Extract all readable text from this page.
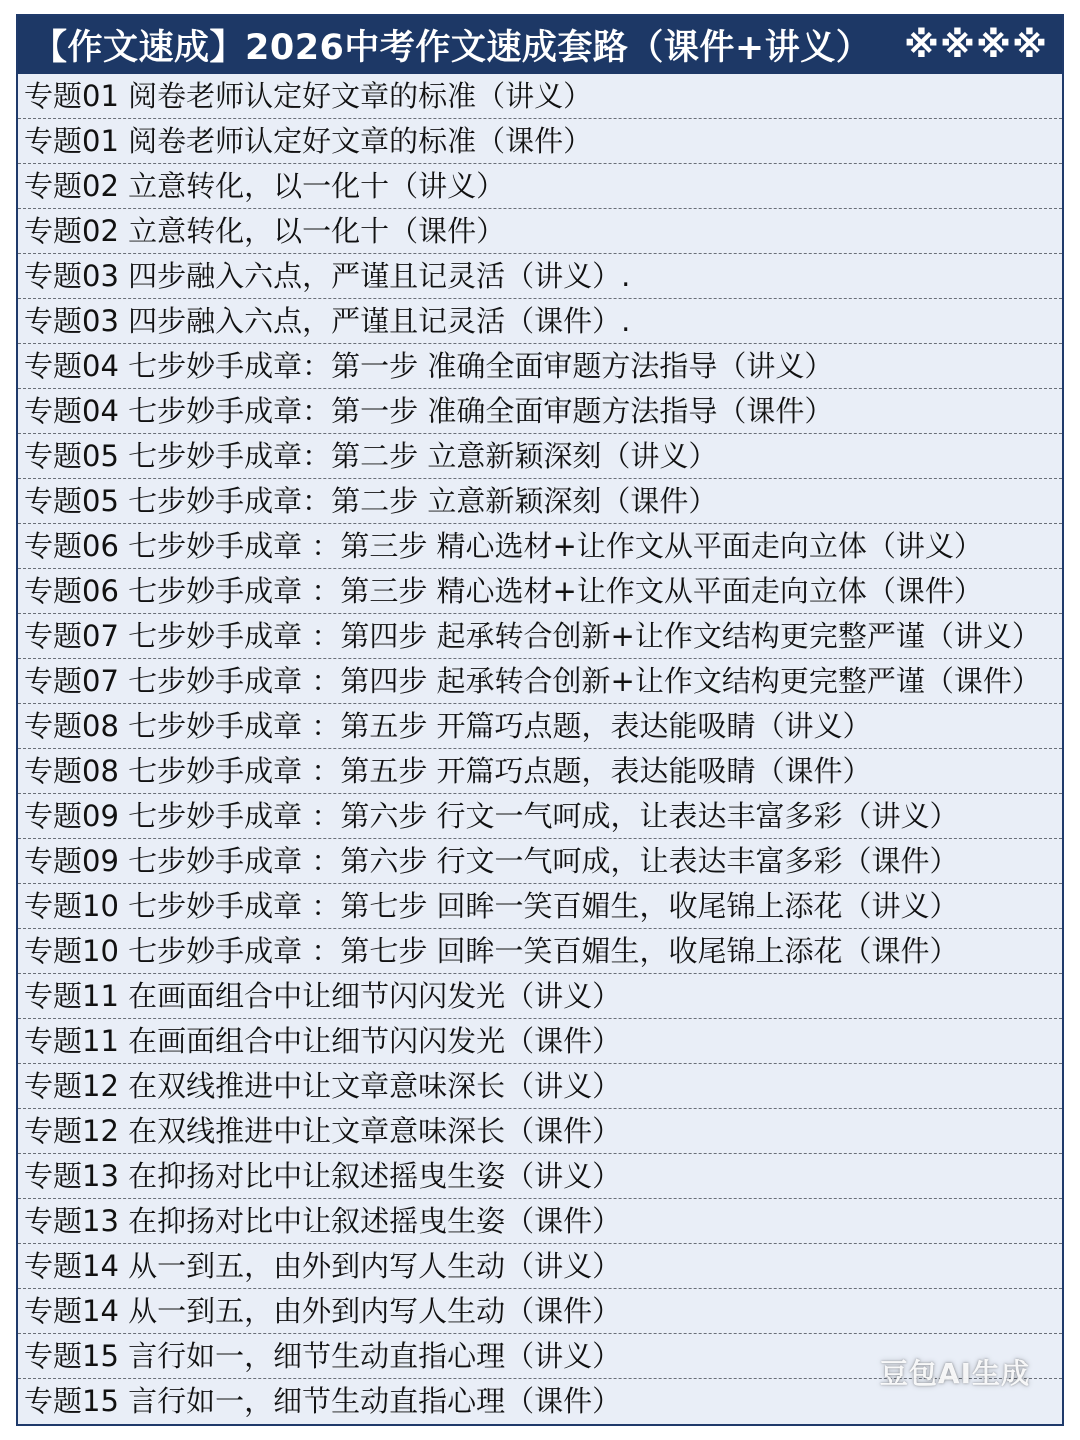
【作文速成】2026中考作文速成套路（课件+讲义） ※※※※
专题01 阅卷老师认定好文章的标准（讲义）
专题01 阅卷老师认定好文章的标准（课件）
专题02 立意转化，以一化十（讲义）
专题02 立意转化，以一化十（课件）
专题03 四步融入六点，严谨且记灵活（讲义）.
专题03 四步融入六点，严谨且记灵活（课件）.
专题04 七步妙手成章：第一步 准确全面审题方法指导（讲义）
专题04 七步妙手成章：第一步 准确全面审题方法指导（课件）
专题05 七步妙手成章：第二步 立意新颖深刻（讲义）
专题05 七步妙手成章：第二步 立意新颖深刻（课件）
专题06 七步妙手成章 ：第三步 精心选材+让作文从平面走向立体（讲义）
专题06 七步妙手成章 ：第三步 精心选材+让作文从平面走向立体（课件）
专题07 七步妙手成章 ：第四步 起承转合创新+让作文结构更完整严谨（讲义）
专题07 七步妙手成章 ：第四步 起承转合创新+让作文结构更完整严谨（课件）
专题08 七步妙手成章 ：第五步 开篇巧点题，表达能吸睛（讲义）
专题08 七步妙手成章 ：第五步 开篇巧点题，表达能吸睛（课件）
专题09 七步妙手成章 ：第六步 行文一气呵成，让表达丰富多彩（讲义）
专题09 七步妙手成章 ：第六步 行文一气呵成，让表达丰富多彩（课件）
专题10 七步妙手成章 ：第七步 回眸一笑百媚生，收尾锦上添花（讲义）
专题10 七步妙手成章 ：第七步 回眸一笑百媚生，收尾锦上添花（课件）
专题11 在画面组合中让细节闪闪发光（讲义）
专题11 在画面组合中让细节闪闪发光（课件）
专题12 在双线推进中让文章意味深长（讲义）
专题12 在双线推进中让文章意味深长（课件）
专题13 在抑扬对比中让叙述摇曳生姿（讲义）
专题13 在抑扬对比中让叙述摇曳生姿（课件）
专题14 从一到五，由外到内写人生动（讲义）
专题14 从一到五，由外到内写人生动（课件）
专题15 言行如一，细节生动直指心理（讲义）
专题15 言行如一，细节生动直指心理（课件）
豆包AI生成
